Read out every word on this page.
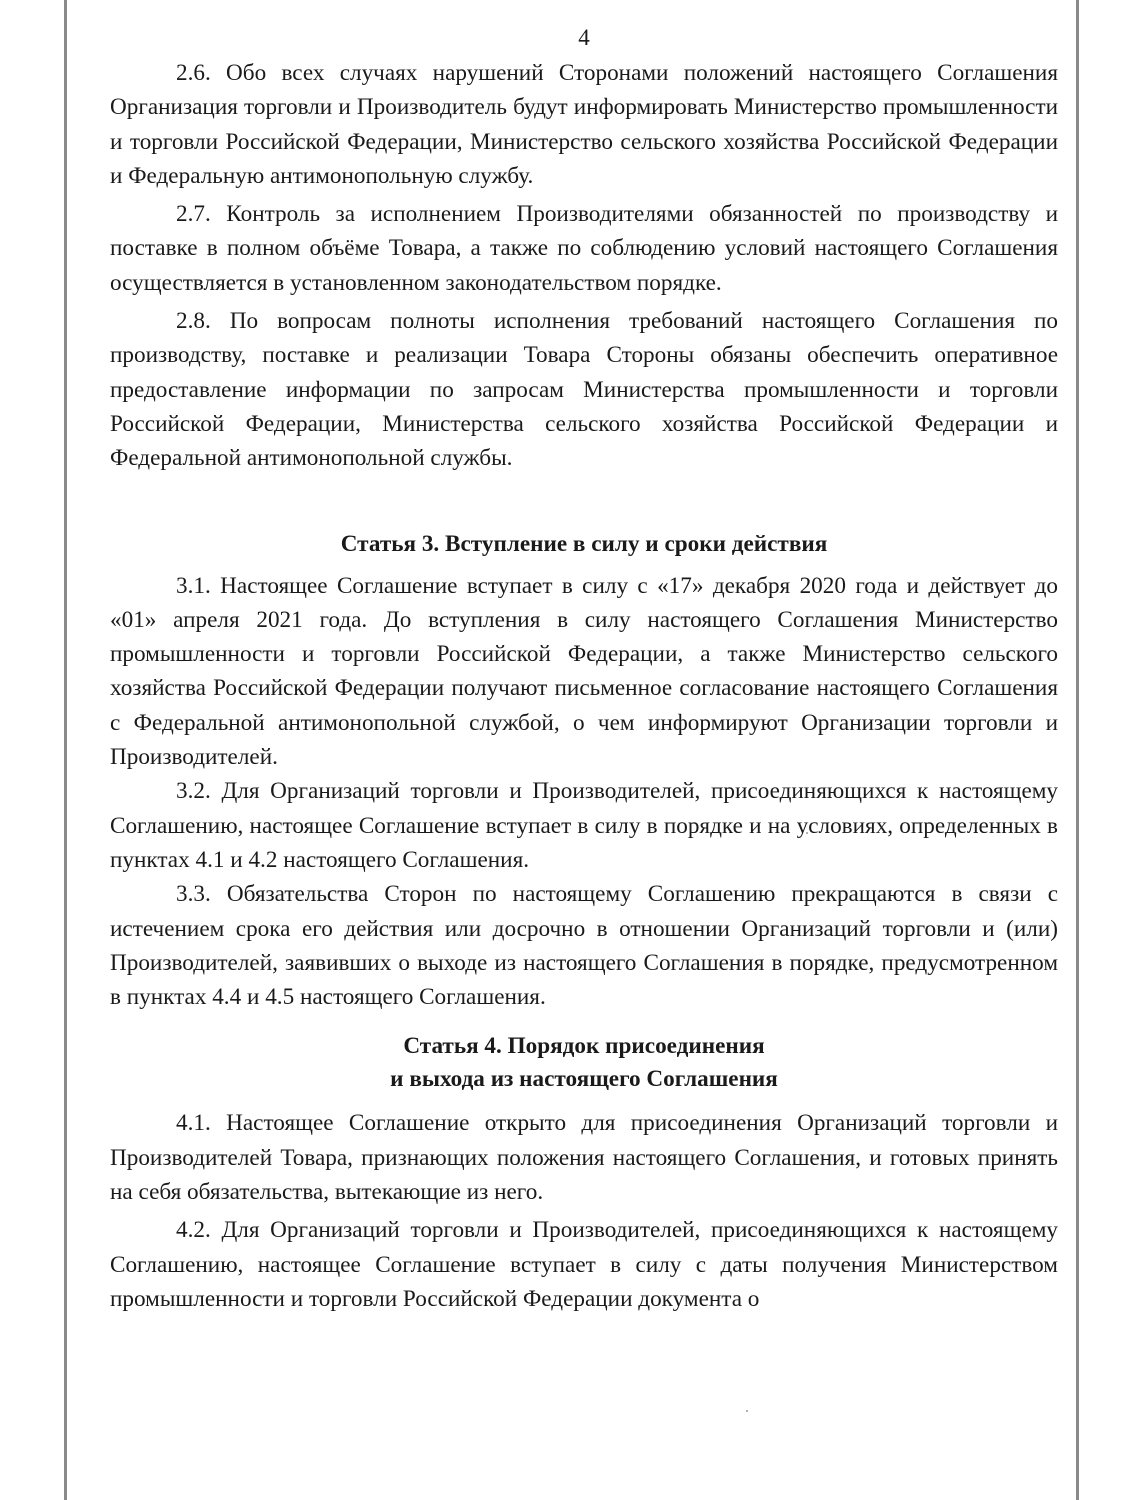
4

2.6. Обо всех случаях нарушений Сторонами положений настоящего Соглашения Организация торговли и Производитель будут информировать Министерство промышленности и торговли Российской Федерации, Министерство сельского хозяйства Российской Федерации и Федеральную антимонопольную службу.

2.7. Контроль за исполнением Производителями обязанностей по производству и поставке в полном объёме Товара, а также по соблюдению условий настоящего Соглашения осуществляется в установленном законодательством порядке.

2.8. По вопросам полноты исполнения требований настоящего Соглашения по производству, поставке и реализации Товара Стороны обязаны обеспечить оперативное предоставление информации по запросам Министерства промышленности и торговли Российской Федерации, Министерства сельского хозяйства Российской Федерации и Федеральной антимонопольной службы.

Статья 3. Вступление в силу и сроки действия

3.1. Настоящее Соглашение вступает в силу с «17» декабря 2020 года и действует до «01» апреля 2021 года. До вступления в силу настоящего Соглашения Министерство промышленности и торговли Российской Федерации, а также Министерство сельского хозяйства Российской Федерации получают письменное согласование настоящего Соглашения с Федеральной антимонопольной службой, о чем информируют Организации торговли и Производителей.

3.2. Для Организаций торговли и Производителей, присоединяющихся к настоящему Соглашению, настоящее Соглашение вступает в силу в порядке и на условиях, определенных в пунктах 4.1 и 4.2 настоящего Соглашения.

3.3. Обязательства Сторон по настоящему Соглашению прекращаются в связи с истечением срока его действия или досрочно в отношении Организаций торговли и (или) Производителей, заявивших о выходе из настоящего Соглашения в порядке, предусмотренном в пунктах 4.4 и 4.5 настоящего Соглашения.

Статья 4. Порядок присоединения
и выхода из настоящего Соглашения

4.1. Настоящее Соглашение открыто для присоединения Организаций торговли и Производителей Товара, признающих положения настоящего Соглашения, и готовых принять на себя обязательства, вытекающие из него.

4.2. Для Организаций торговли и Производителей, присоединяющихся к настоящему Соглашению, настоящее Соглашение вступает в силу с даты получения Министерством промышленности и торговли Российской Федерации документа о
